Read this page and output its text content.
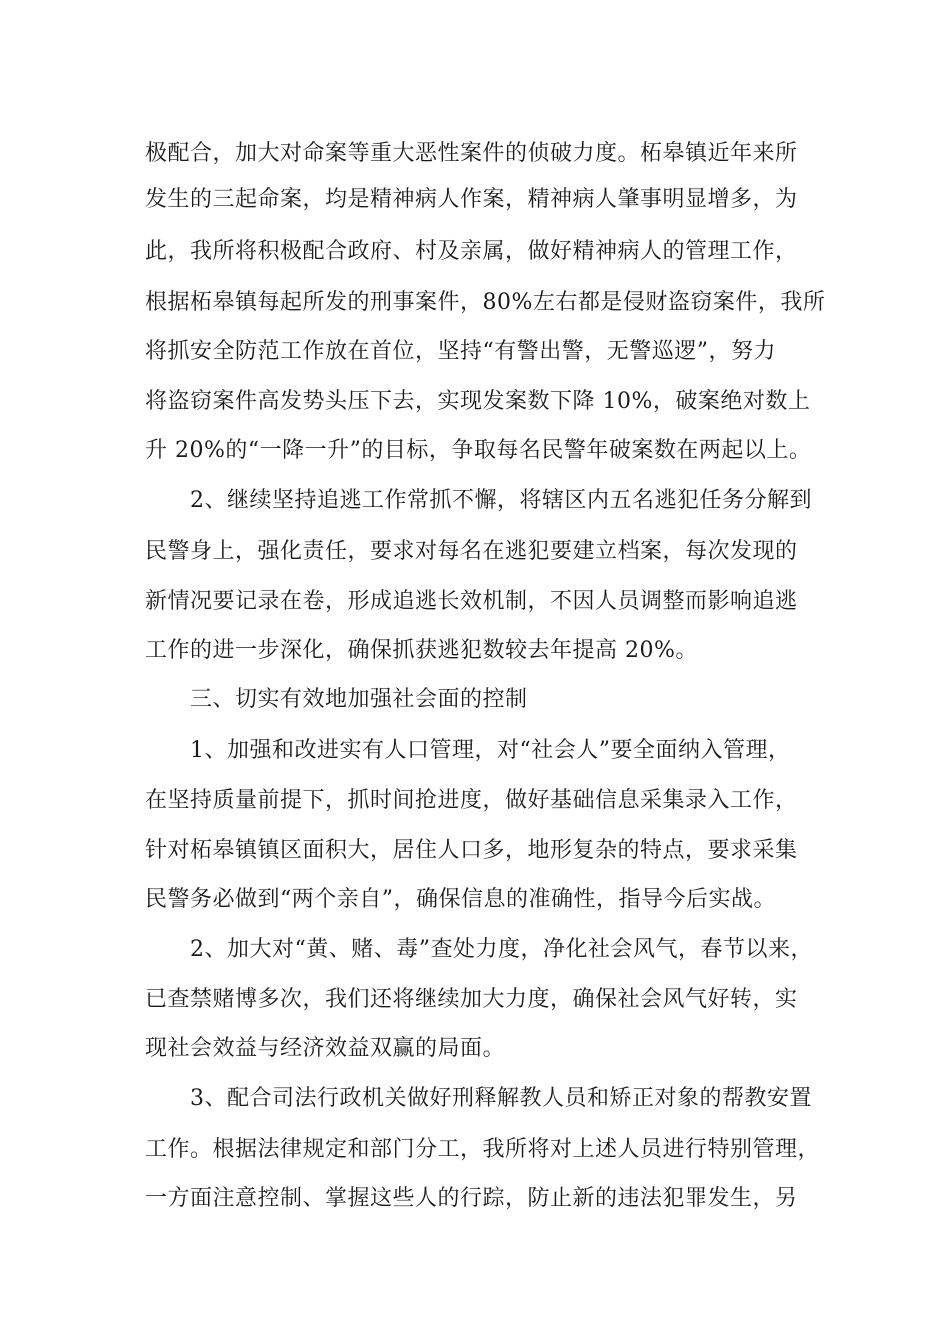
极配合，加大对命案等重大恶性案件的侦破力度。柘皋镇近年来所
发生的三起命案，均是精神病人作案，精神病人肇事明显增多，为
此，我所将积极配合政府、村及亲属，做好精神病人的管理工作，
根据柘皋镇每起所发的刑事案件，80%左右都是侵财盗窃案件，我所
将抓安全防范工作放在首位，坚持“有警出警，无警巡逻”，努力
将盗窃案件高发势头压下去，实现发案数下降 10%，破案绝对数上
升 20%的“一降一升”的目标，争取每名民警年破案数在两起以上。
2、继续坚持追逃工作常抓不懈，将辖区内五名逃犯任务分解到
民警身上，强化责任，要求对每名在逃犯要建立档案，每次发现的
新情况要记录在卷，形成追逃长效机制，不因人员调整而影响追逃
工作的进一步深化，确保抓获逃犯数较去年提高 20%。
三、切实有效地加强社会面的控制
1、加强和改进实有人口管理，对“社会人”要全面纳入管理，
在坚持质量前提下，抓时间抢进度，做好基础信息采集录入工作，
针对柘皋镇镇区面积大，居住人口多，地形复杂的特点，要求采集
民警务必做到“两个亲自”，确保信息的准确性，指导今后实战。
2、加大对“黄、赌、毒”查处力度，净化社会风气，春节以来，
已查禁赌博多次，我们还将继续加大力度，确保社会风气好转，实
现社会效益与经济效益双赢的局面。
3、配合司法行政机关做好刑释解教人员和矫正对象的帮教安置
工作。根据法律规定和部门分工，我所将对上述人员进行特别管理，
一方面注意控制、掌握这些人的行踪，防止新的违法犯罪发生，另
